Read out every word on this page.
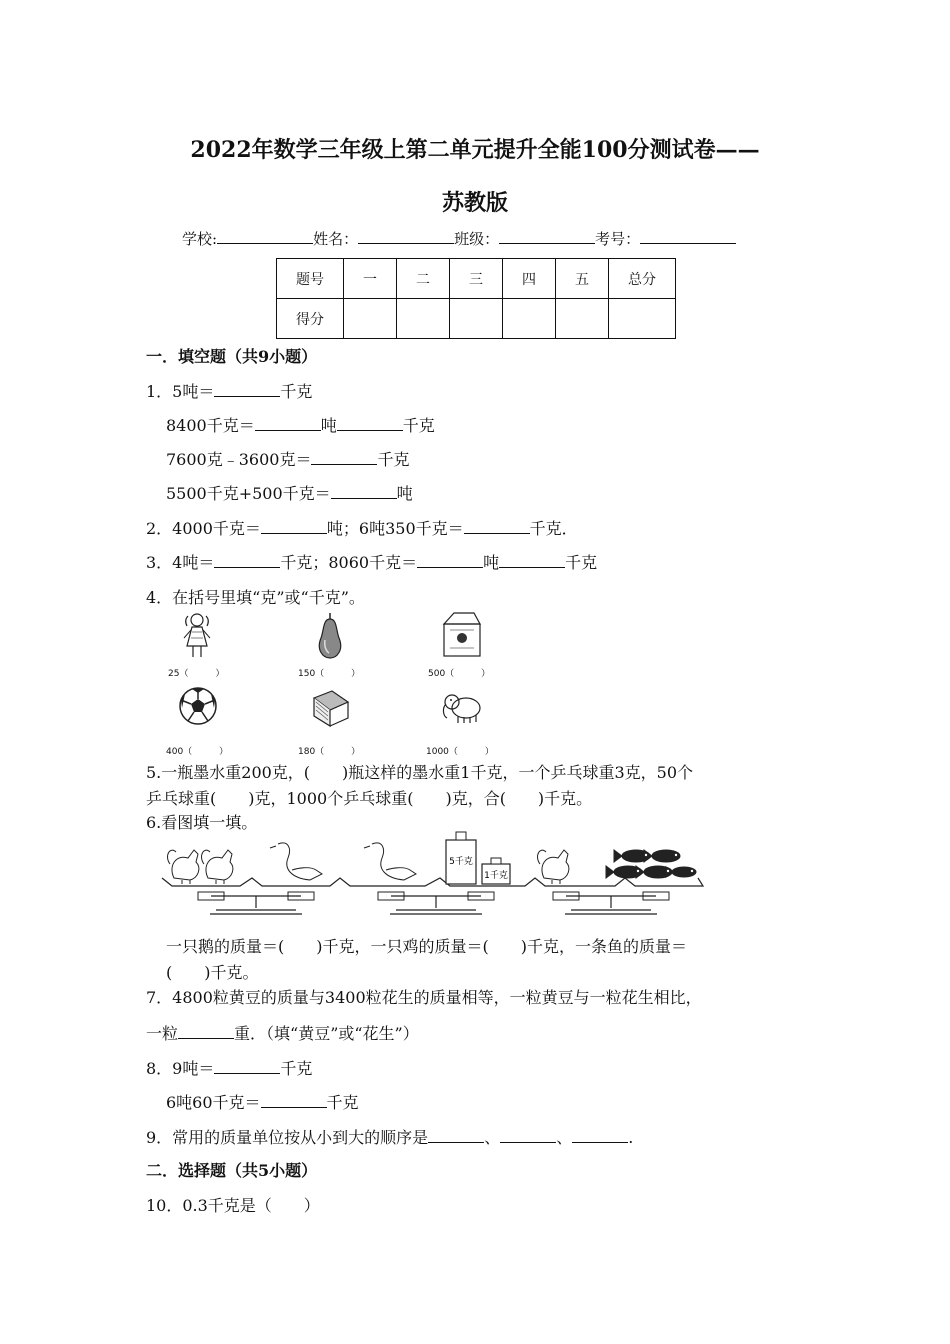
2022年数学三年级上第二单元提升全能100分测试卷——
苏教版
学校:	姓名：	班级：	考号：
题号	一	二	三	四	五	总分
得分						
一．填空题（共9小题）
1．5吨＝	千克
8400千克＝	吨	千克
7600克﹣3600克＝	千克
5500千克+500千克＝	吨
2．4000千克＝	吨；6吨350千克＝	千克．
3．4吨＝	千克；8060千克＝	吨	千克
4．在括号里填“克”或“千克”。
25（　　　）	150（　　　）	500（　　　）
400（　　　）	180（　　　）	1000（　　　）
5.一瓶墨水重200克，(　　)瓶这样的墨水重1千克，一个乒乓球重3克，50个
乒乓球重(　　)克，1000个乒乓球重(　　)克，合(　　)千克。
6.看图填一填。
5千克
1千克
一只鹅的质量＝(　　)千克，一只鸡的质量＝(　　)千克，一条鱼的质量＝
(　　)千克。
7．4800粒黄豆的质量与3400粒花生的质量相等，一粒黄豆与一粒花生相比，
一粒	重．（填“黄豆”或“花生”）
8．9吨＝	千克
6吨60千克＝	千克
9．常用的质量单位按从小到大的顺序是	、	、	.
二．选择题（共5小题）
10．0.3千克是（　　）
